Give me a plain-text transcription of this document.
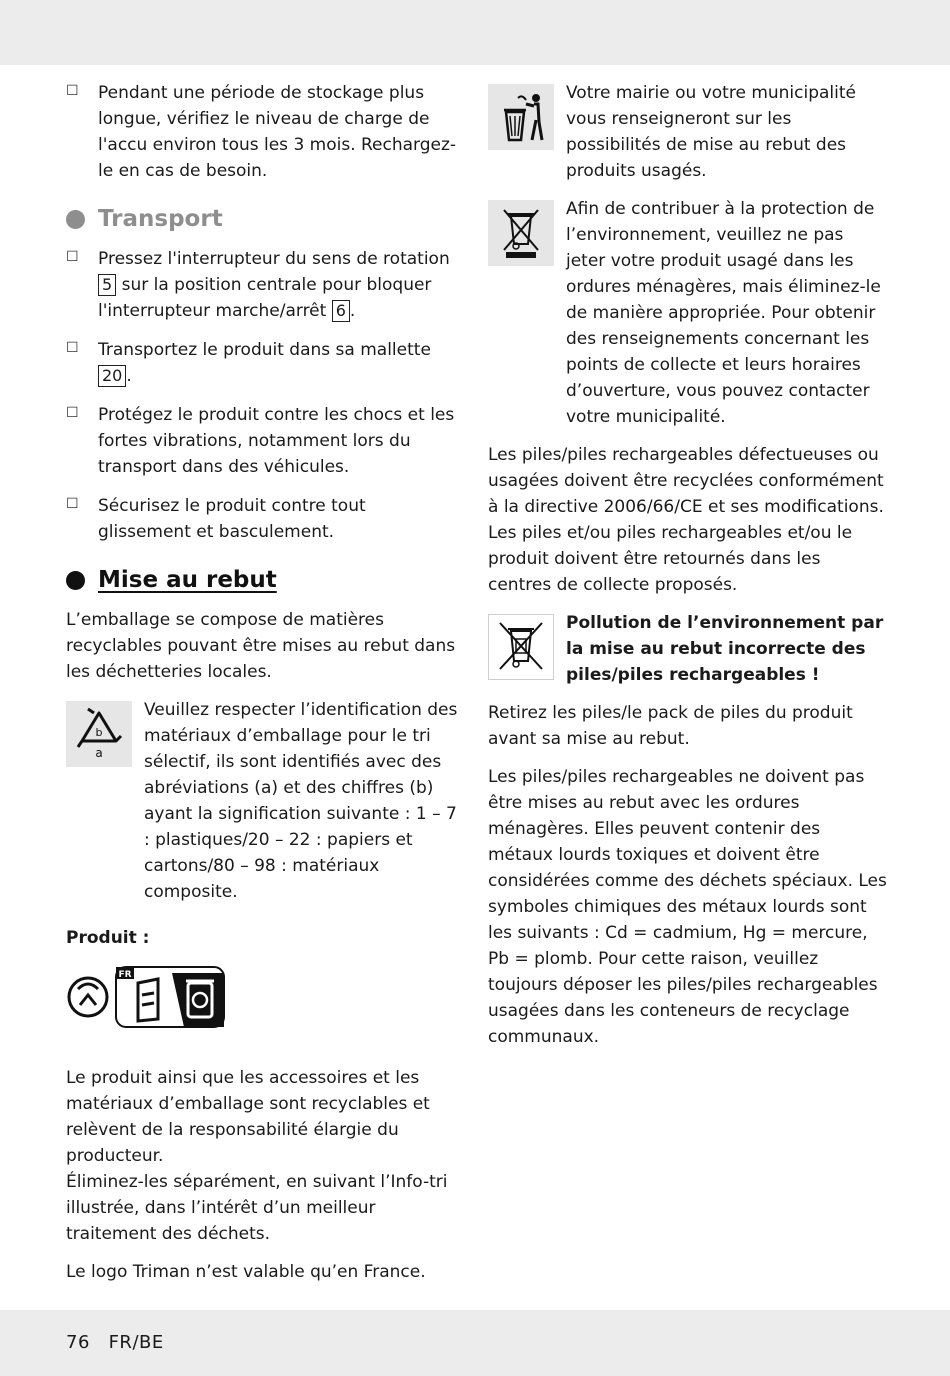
☐	Pendant une période de stockage plus longue, vérifiez le niveau de charge de l'accu environ tous les 3 mois. Rechargez-le en cas de besoin.
Transport
☐	Pressez l'interrupteur du sens de rotation 5 sur la position centrale pour bloquer l'interrupteur marche/arrêt 6 .
☐	Transportez le produit dans sa mallette 20 .
☐	Protégez le produit contre les chocs et les fortes vibrations, notamment lors du transport dans des véhicules.
☐	Sécurisez le produit contre tout glissement et basculement.
Mise au rebut

L’emballage se compose de matières recyclables pouvant être mises au rebut dans les déchetteries locales.

b
a

Veuillez respecter l’identification des matériaux d’emballage pour le tri sélectif, ils sont identifiés avec des abréviations (a) et des chiffres (b) ayant la signification suivante : 1 – 7 : plastiques/20 – 22 : papiers et cartons/80 – 98 : matériaux composite.

Produit :

FR

Le produit ainsi que les accessoires et les matériaux d’emballage sont recyclables et relèvent de la responsabilité élargie du producteur.

Éliminez-les séparément, en suivant l’Info-tri illustrée, dans l’intérêt d’un meilleur traitement des déchets.

Le logo Triman n’est valable qu’en France.

Votre mairie ou votre municipalité vous renseigneront sur les possibilités de mise au rebut des produits usagés.

Afin de contribuer à la protection de l’environnement, veuillez ne pas jeter votre produit usagé dans les ordures ménagères, mais éliminez-le de manière appropriée. Pour obtenir des renseignements concernant les points de collecte et leurs horaires d’ouverture, vous pouvez contacter votre municipalité.

Les piles/piles rechargeables défectueuses ou usagées doivent être recyclées conformément à la directive 2006/66/CE et ses modifications. Les piles et/ou piles rechargeables et/ou le produit doivent être retournés dans les centres de collecte proposés.

Pollution de l’environnement par la mise au rebut incorrecte des piles/piles rechargeables !

Retirez les piles/le pack de piles du produit avant sa mise au rebut.

Les piles/piles rechargeables ne doivent pas être mises au rebut avec les ordures ménagères. Elles peuvent contenir des métaux lourds toxiques et doivent être considérées comme des déchets spéciaux. Les symboles chimiques des métaux lourds sont les suivants : Cd = cadmium, Hg = mercure, Pb = plomb. Pour cette raison, veuillez toujours déposer les piles/piles rechargeables usagées dans les conteneurs de recyclage communaux.

76 FR/BE
